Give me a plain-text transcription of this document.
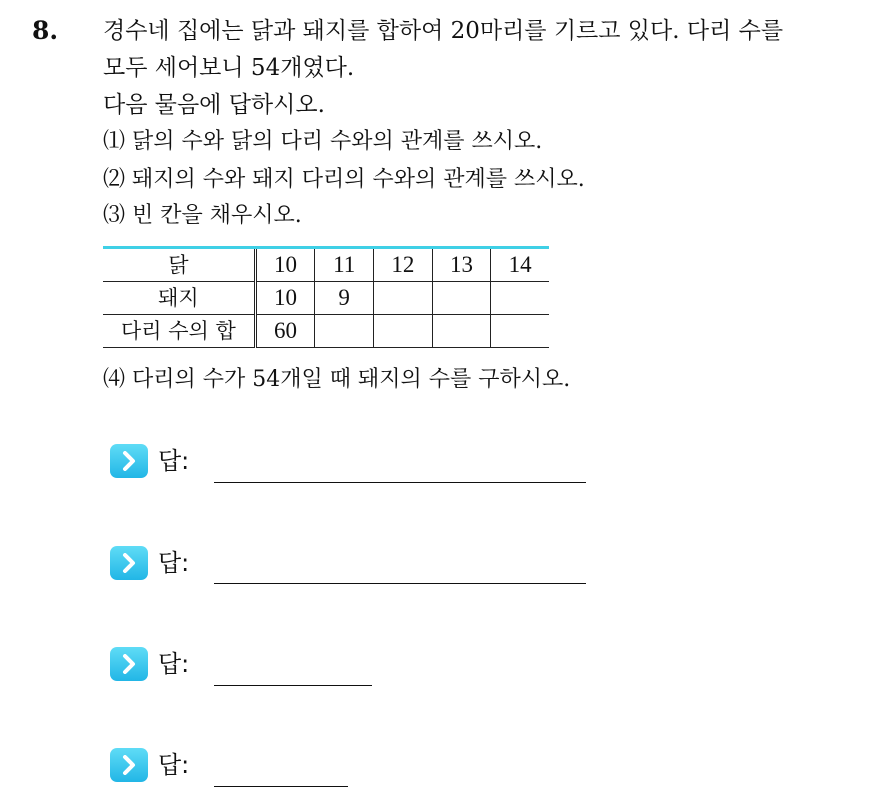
8. 경수네 집에는 닭과 돼지를 합하여 20마리를 기르고 있다. 다리 수를
모두 세어보니 54개였다.
다음 물음에 답하시오.
⑴ 닭의 수와 닭의 다리 수와의 관계를 쓰시오.
⑵ 돼지의 수와 돼지 다리의 수와의 관계를 쓰시오.
⑶ 빈 칸을 채우시오.
닭	10	11	12	13	14
돼지	10	9			
다리 수의 합	60				
⑷ 다리의 수가 54개일 때 돼지의 수를 구하시오.
답:
답:
답:
답:
